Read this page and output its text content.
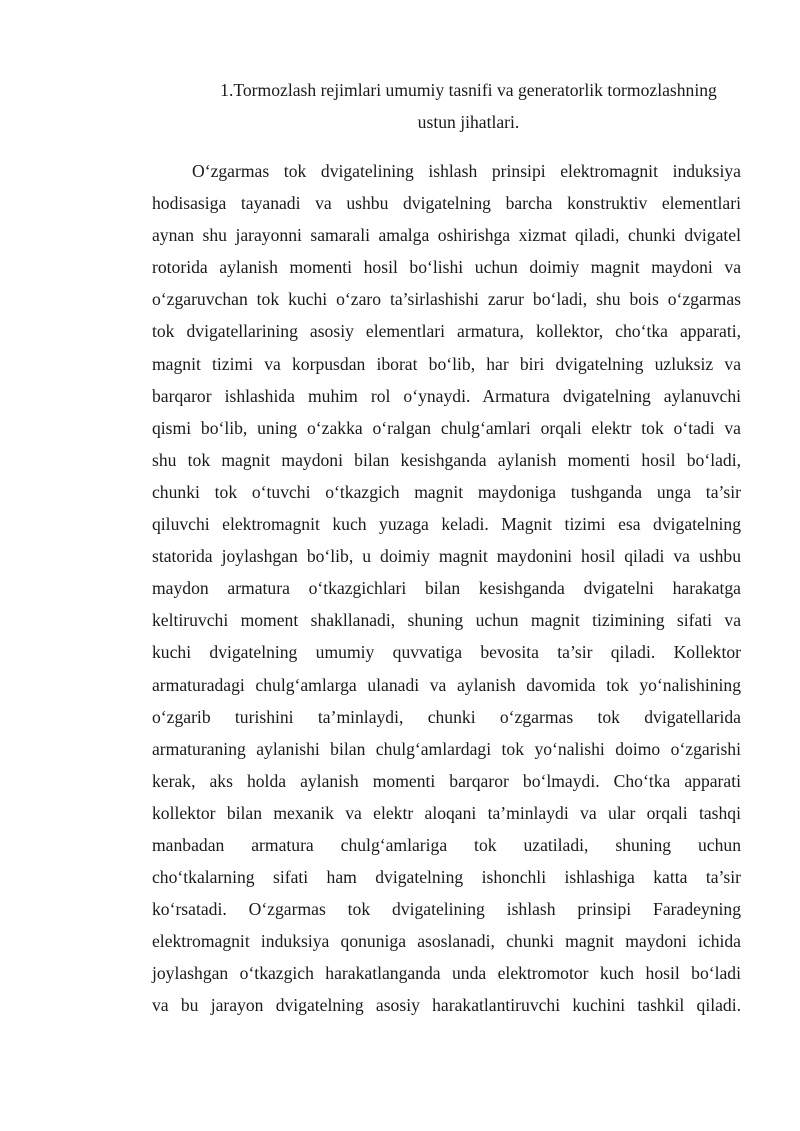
1.Tormozlash rejimlari umumiy tasnifi va generatorlik tormozlashning
ustun jihatlari.
O‘zgarmas tok dvigatelining ishlash prinsipi elektromagnit induksiya
hodisasiga tayanadi va ushbu dvigatelning barcha konstruktiv elementlari
aynan shu jarayonni samarali amalga oshirishga xizmat qiladi, chunki dvigatel
rotorida aylanish momenti hosil bo‘lishi uchun doimiy magnit maydoni va
o‘zgaruvchan tok kuchi o‘zaro ta’sirlashishi zarur bo‘ladi, shu bois o‘zgarmas
tok dvigatellarining asosiy elementlari armatura, kollektor, cho‘tka apparati,
magnit tizimi va korpusdan iborat bo‘lib, har biri dvigatelning uzluksiz va
barqaror ishlashida muhim rol o‘ynaydi. Armatura dvigatelning aylanuvchi
qismi bo‘lib, uning o‘zakka o‘ralgan chulg‘amlari orqali elektr tok o‘tadi va
shu tok magnit maydoni bilan kesishganda aylanish momenti hosil bo‘ladi,
chunki tok o‘tuvchi o‘tkazgich magnit maydoniga tushganda unga ta’sir
qiluvchi elektromagnit kuch yuzaga keladi. Magnit tizimi esa dvigatelning
statorida joylashgan bo‘lib, u doimiy magnit maydonini hosil qiladi va ushbu
maydon armatura o‘tkazgichlari bilan kesishganda dvigatelni harakatga
keltiruvchi moment shakllanadi, shuning uchun magnit tizimining sifati va
kuchi dvigatelning umumiy quvvatiga bevosita ta’sir qiladi. Kollektor
armaturadagi chulg‘amlarga ulanadi va aylanish davomida tok yo‘nalishining
o‘zgarib turishini ta’minlaydi, chunki o‘zgarmas tok dvigatellarida
armaturaning aylanishi bilan chulg‘amlardagi tok yo‘nalishi doimo o‘zgarishi
kerak, aks holda aylanish momenti barqaror bo‘lmaydi. Cho‘tka apparati
kollektor bilan mexanik va elektr aloqani ta’minlaydi va ular orqali tashqi
manbadan armatura chulg‘amlariga tok uzatiladi, shuning uchun
cho‘tkalarning sifati ham dvigatelning ishonchli ishlashiga katta ta’sir
ko‘rsatadi. O‘zgarmas tok dvigatelining ishlash prinsipi Faradeyning
elektromagnit induksiya qonuniga asoslanadi, chunki magnit maydoni ichida
joylashgan o‘tkazgich harakatlanganda unda elektromotor kuch hosil bo‘ladi
va bu jarayon dvigatelning asosiy harakatlantiruvchi kuchini tashkil qiladi.
